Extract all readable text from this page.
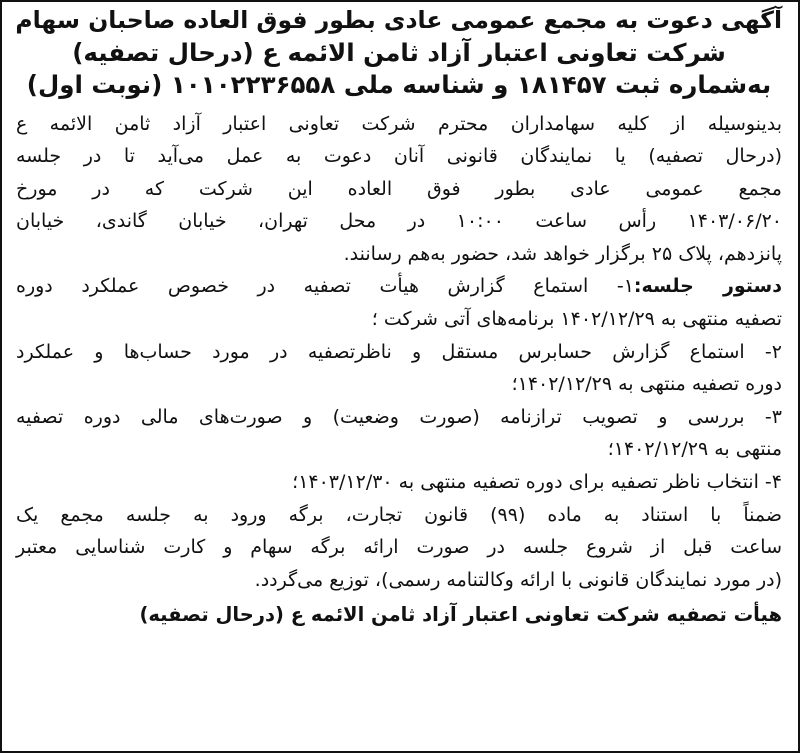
آگهی دعوت به مجمع عمومی عادی بطور فوق العاده صاحبان سهام
شرکت تعاونی اعتبار آزاد ثامن الائمه ع (درحال تصفیه)
به‌شماره ثبت ۱۸۱۴۵۷ و شناسه ملی ۱۰۱۰۲۲۳۶۵۵۸ (نوبت اول)
بدینوسیله از کلیه سهامداران محترم شرکت تعاونی اعتبار آزاد ثامن الائمه ع
(درحال تصفیه) یا نمایندگان قانونی آنان دعوت به عمل می‌آید تا در جلسه
مجمع عمومی عادی بطور فوق العاده این شرکت که در مورخ
۱۴۰۳/۰۶/۲۰ رأس ساعت ۱۰:۰۰ در محل تهران، خیابان گاندی، خیابان
پانزدهم، پلاک ۲۵ برگزار خواهد شد، حضور به‌هم رسانند.
دستور جلسه:۱- استماع گزارش هیأت تصفیه در خصوص عملکرد دوره
تصفیه منتهی به ۱۴۰۲/۱۲/۲۹ برنامه‌های آتی شرکت ؛
۲- استماع گزارش حسابرس مستقل و ناظرتصفیه در مورد حساب‌ها و عملکرد
دوره تصفیه منتهی به ۱۴۰۲/۱۲/۲۹؛
۳- بررسی و تصویب ترازنامه (صورت وضعیت) و صورت‌های مالی دوره تصفیه
منتهی به ۱۴۰۲/۱۲/۲۹؛
۴- انتخاب ناظر تصفیه برای دوره تصفیه منتهی به ۱۴۰۳/۱۲/۳۰؛
ضمناً با استناد به ماده (۹۹) قانون تجارت، برگه ورود به جلسه مجمع یک
ساعت قبل از شروع جلسه در صورت ارائه برگه سهام و کارت شناسایی معتبر
(در مورد نمایندگان قانونی با ارائه وکالتنامه رسمی)، توزیع می‌گردد.
هیأت تصفیه شرکت تعاونی اعتبار آزاد ثامن الائمه ع (درحال تصفیه)
